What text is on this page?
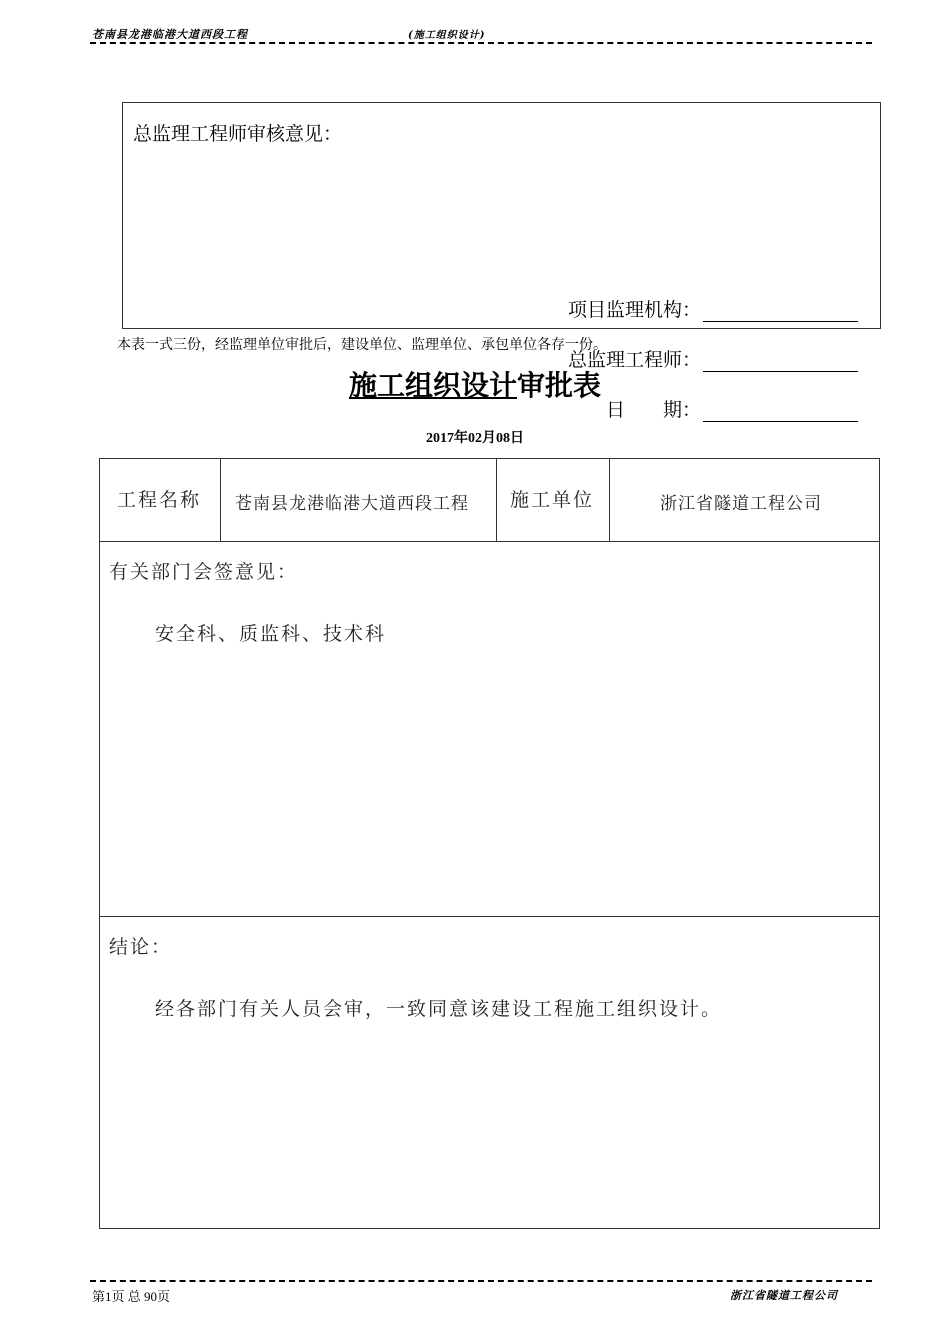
苍南县龙港临港大道西段工程	(施工组织设计)
总监理工程师审核意见：
项目监理机构：
总监理工程师：
日　　期：
本表一式三份，经监理单位审批后，建设单位、监理单位、承包单位各存一份。
施工组织设计审批表
2017年02月08日
工程名称 苍南县龙港临港大道西段工程 施工单位	浙江省隧道工程公司
有关部门会签意见：
安全科、质监科、技术科
结论：
经各部门有关人员会审，一致同意该建设工程施工组织设计。
第1页 总 90页	浙江省隧道工程公司
